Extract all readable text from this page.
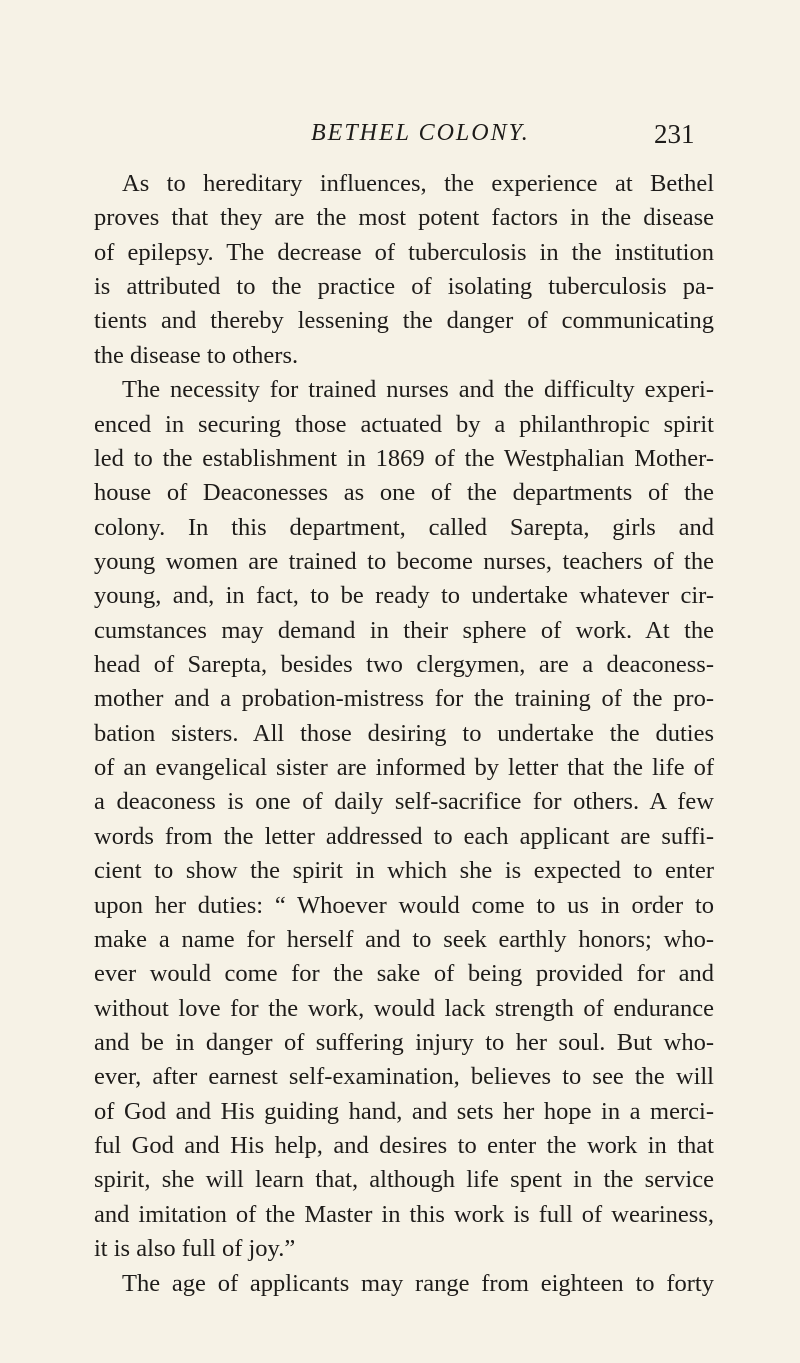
BETHEL COLONY.	231
As to hereditary influences, the experience at Bethel
proves that they are the most potent factors in the disease
of epilepsy. The decrease of tuberculosis in the institution
is attributed to the practice of isolating tuberculosis pa-
tients and thereby lessening the danger of communicating
the disease to others.
The necessity for trained nurses and the difficulty experi-
enced in securing those actuated by a philanthropic spirit
led to the establishment in 1869 of the Westphalian Mother-
house of Deaconesses as one of the departments of the
colony. In this department, called Sarepta, girls and
young women are trained to become nurses, teachers of the
young, and, in fact, to be ready to undertake whatever cir-
cumstances may demand in their sphere of work. At the
head of Sarepta, besides two clergymen, are a deaconess-
mother and a probation-mistress for the training of the pro-
bation sisters. All those desiring to undertake the duties
of an evangelical sister are informed by letter that the life of
a deaconess is one of daily self-sacrifice for others. A few
words from the letter addressed to each applicant are suffi-
cient to show the spirit in which she is expected to enter
upon her duties: “ Whoever would come to us in order to
make a name for herself and to seek earthly honors; who-
ever would come for the sake of being provided for and
without love for the work, would lack strength of endurance
and be in danger of suffering injury to her soul. But who-
ever, after earnest self-examination, believes to see the will
of God and His guiding hand, and sets her hope in a merci-
ful God and His help, and desires to enter the work in that
spirit, she will learn that, although life spent in the service
and imitation of the Master in this work is full of weariness,
it is also full of joy.”
The age of applicants may range from eighteen to forty
